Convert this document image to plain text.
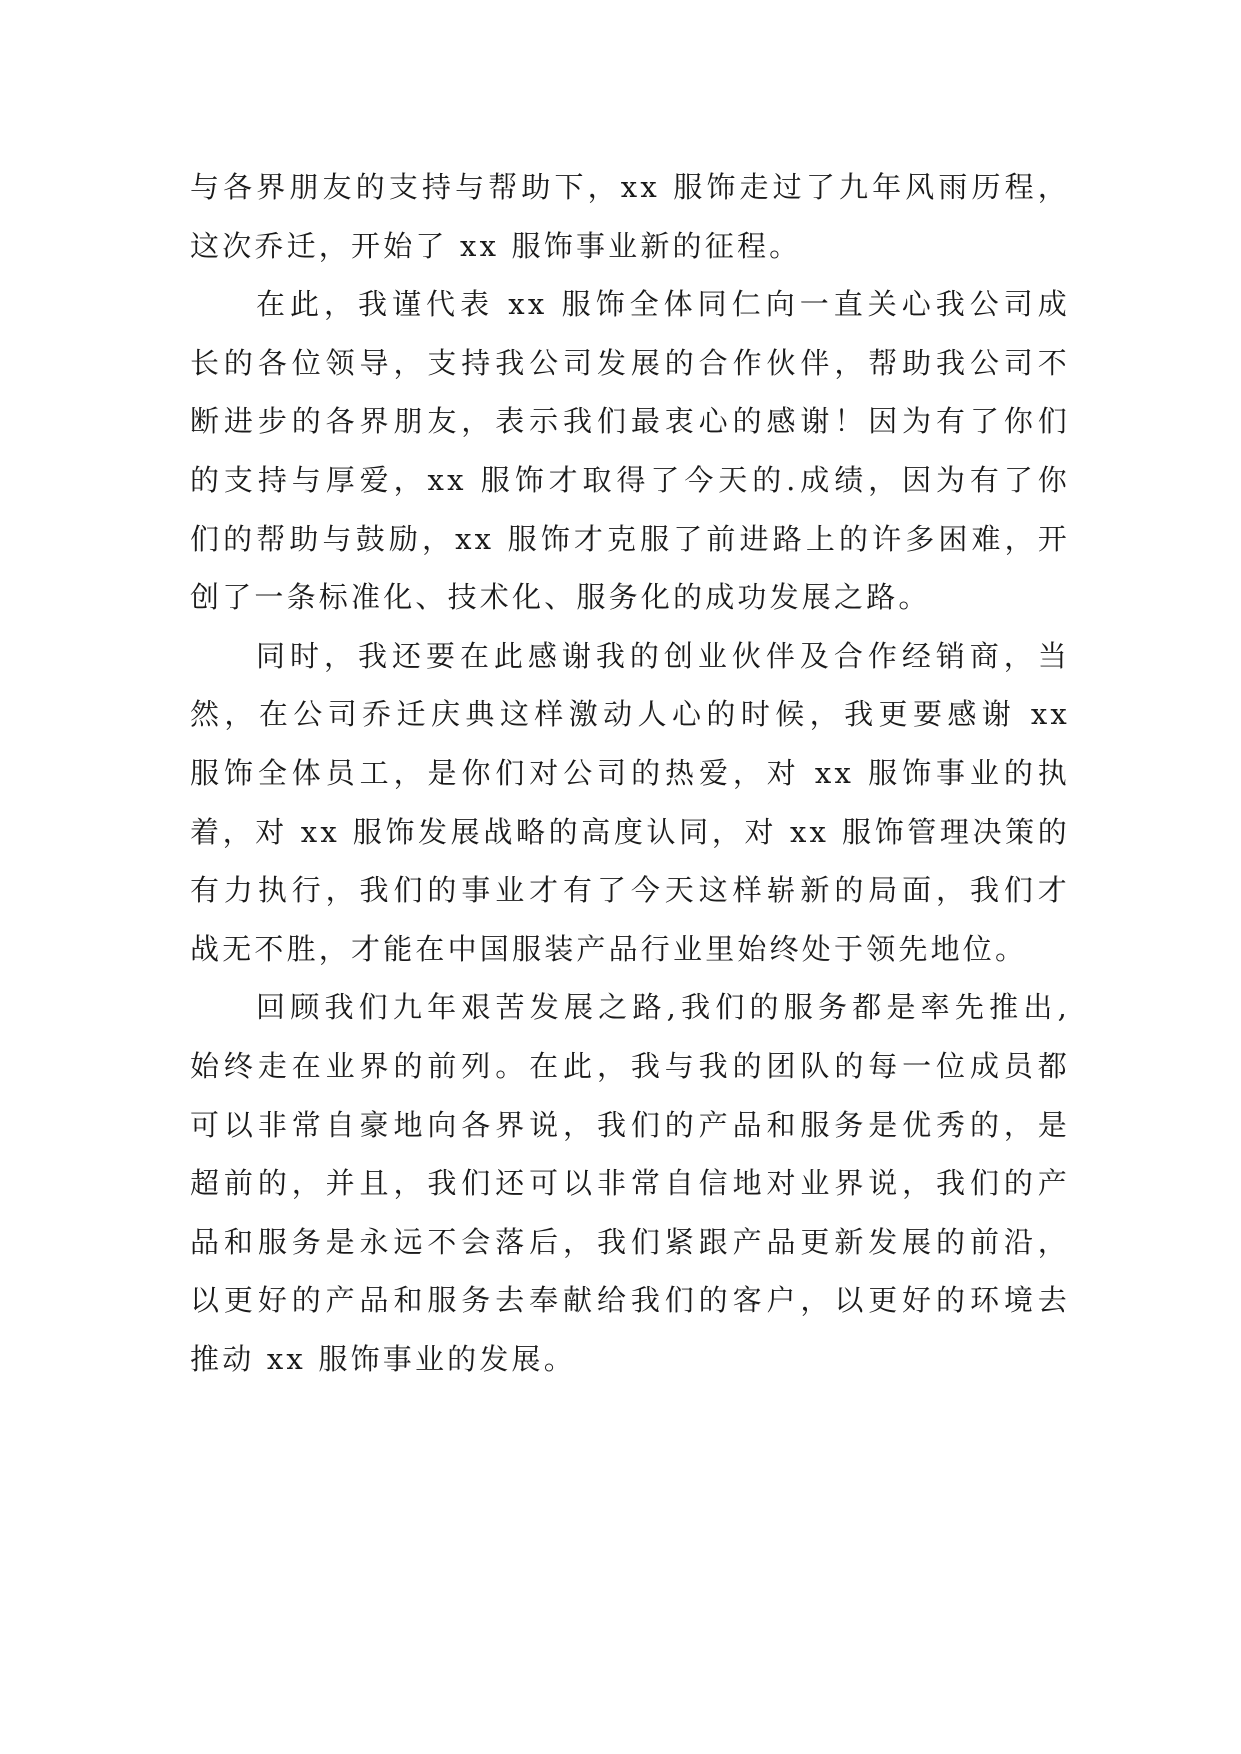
与各界朋友的支持与帮助下，xx 服饰走过了九年风雨历程，
这次乔迁，开始了 xx 服饰事业新的征程。
在此，我谨代表 xx 服饰全体同仁向一直关心我公司成
长的各位领导，支持我公司发展的合作伙伴，帮助我公司不
断进步的各界朋友，表示我们最衷心的感谢！因为有了你们
的支持与厚爱，xx 服饰才取得了今天的.成绩，因为有了你
们的帮助与鼓励，xx 服饰才克服了前进路上的许多困难，开
创了一条标准化、技术化、服务化的成功发展之路。
同时，我还要在此感谢我的创业伙伴及合作经销商，当
然，在公司乔迁庆典这样激动人心的时候，我更要感谢 xx
服饰全体员工，是你们对公司的热爱，对 xx 服饰事业的执
着，对 xx 服饰发展战略的高度认同，对 xx 服饰管理决策的
有力执行，我们的事业才有了今天这样崭新的局面，我们才
战无不胜，才能在中国服装产品行业里始终处于领先地位。
回顾我们九年艰苦发展之路,我们的服务都是率先推出,
始终走在业界的前列。在此，我与我的团队的每一位成员都
可以非常自豪地向各界说，我们的产品和服务是优秀的，是
超前的，并且，我们还可以非常自信地对业界说，我们的产
品和服务是永远不会落后，我们紧跟产品更新发展的前沿，
以更好的产品和服务去奉献给我们的客户，以更好的环境去
推动 xx 服饰事业的发展。
